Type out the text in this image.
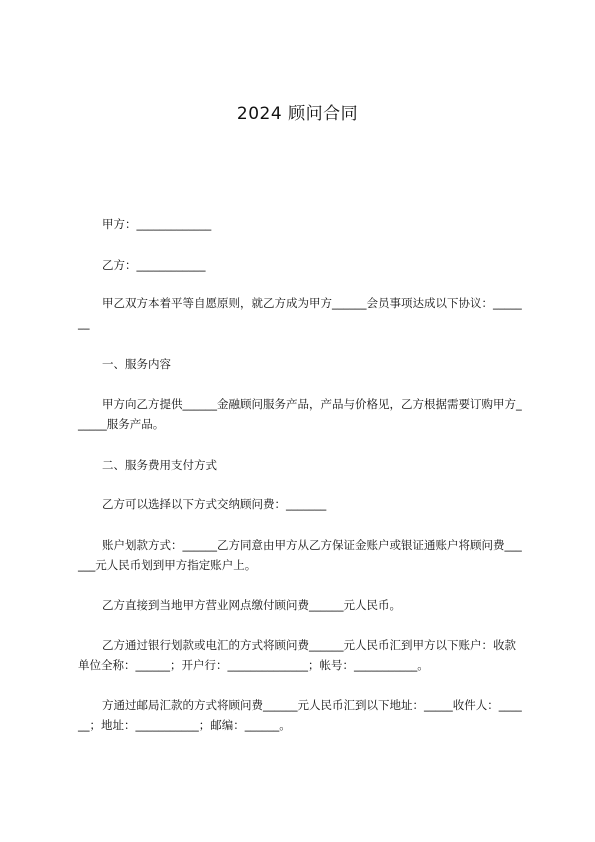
2024 顾问合同
甲方：_____________
乙方：____________
甲乙双方本着平等自愿原则，就乙方成为甲方______会员事项达成以下协议：_______
一、服务内容
甲方向乙方提供______金融顾问服务产品，产品与价格见，乙方根据需要订购甲方______服务产品。
二、服务费用支付方式
乙方可以选择以下方式交纳顾问费：_______
账户划款方式：______乙方同意由甲方从乙方保证金账户或银证通账户将顾问费______元人民币划到甲方指定账户上。
乙方直接到当地甲方营业网点缴付顾问费______元人民币。
乙方通过银行划款或电汇的方式将顾问费______元人民币汇到甲方以下账户：收款单位全称：______；开户行：______________；帐号：___________。
方通过邮局汇款的方式将顾问费______元人民币汇到以下地址：_____收件人：______；地址：___________；邮编：______。
